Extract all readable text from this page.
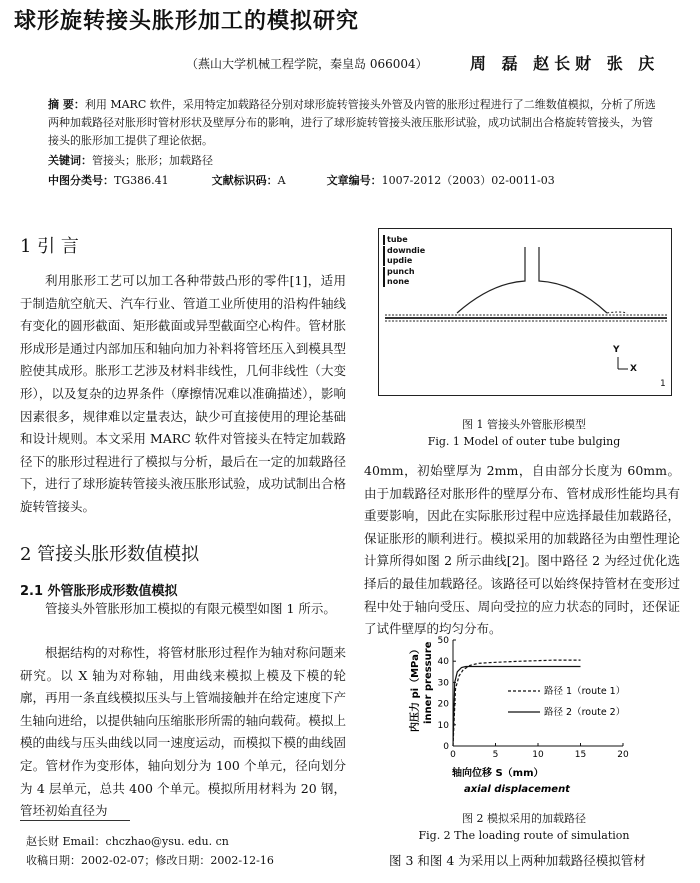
球形旋转接头胀形加工的模拟研究
（燕山大学机械工程学院，秦皇岛 066004）	周 磊 赵长财 张 庆
摘 要：利用 MARC 软件，采用特定加载路径分别对球形旋转管接头外管及内管的胀形过程进行了二维数值模拟，分析了所选两种加载路径对胀形时管材形状及壁厚分布的影响，进行了球形旋转管接头液压胀形试验，成功试制出合格旋转管接头，为管接头的胀形加工提供了理论依据。
关键词：管接头；胀形；加载路径
中图分类号：TG386.41	文献标识码：A	文章编号：1007-2012（2003）02-0011-03
1 引 言
利用胀形工艺可以加工各种带鼓凸形的零件[1]，适用于制造航空航天、汽车行业、管道工业所使用的沿构件轴线有变化的圆形截面、矩形截面或异型截面空心构件。管材胀形成形是通过内部加压和轴向加力补料将管坯压入到模具型腔使其成形。胀形工艺涉及材料非线性，几何非线性（大变形），以及复杂的边界条件（摩擦情况难以准确描述），影响因素很多，规律难以定量表达，缺少可直接使用的理论基础和设计规则。本文采用 MARC 软件对管接头在特定加载路径下的胀形过程进行了模拟与分析，最后在一定的加载路径下，进行了球形旋转管接头液压胀形试验，成功试制出合格旋转管接头。
2 管接头胀形数值模拟
2.1 外管胀形成形数值模拟
管接头外管胀形加工模拟的有限元模型如图 1 所示。
根据结构的对称性，将管材胀形过程作为轴对称问题来研究。以 X 轴为对称轴，用曲线来模拟上模及下模的轮廓，再用一条直线模拟压头与上管端接触并在给定速度下产生轴向进给，以提供轴向压缩胀形所需的轴向载荷。模拟上模的曲线与压头曲线以同一速度运动，而模拟下模的曲线固定。管材作为变形体，轴向划分为 100 个单元，径向划分为 4 层单元，总共 400 个单元。模拟所用材料为 20 钢，管坯初始直径为
赵长财 Email：chczhao@ysu. edu. cn
收稿日期：2002-02-07；修改日期：2002-12-16
tube
downdie
updie
punch
none
Y
X
1
图 1 管接头外管胀形模型
Fig. 1 Model of outer tube bulging
40mm，初始壁厚为 2mm，自由部分长度为 60mm。由于加载路径对胀形件的壁厚分布、管材成形性能均具有重要影响，因此在实际胀形过程中应选择最佳加载路径，保证胀形的顺利进行。模拟采用的加载路径为由塑性理论计算所得如图 2 所示曲线[2]。图中路径 2 为经过优化选择后的最佳加载路径。该路径可以始终保持管材在变形过程中处于轴向受压、周向受拉的应力状态的同时，还保证了试件壁厚的均匀分布。
0	5	10	15	20
0
10
20
30
40
50
路径 1（route 1）
路径 2（route 2）
轴向位移 S（mm）
axial displacement
内压力 pi（MPa） inner pressure
图 2 模拟采用的加载路径
Fig. 2 The loading route of simulation
图 3 和图 4 为采用以上两种加载路径模拟管材
